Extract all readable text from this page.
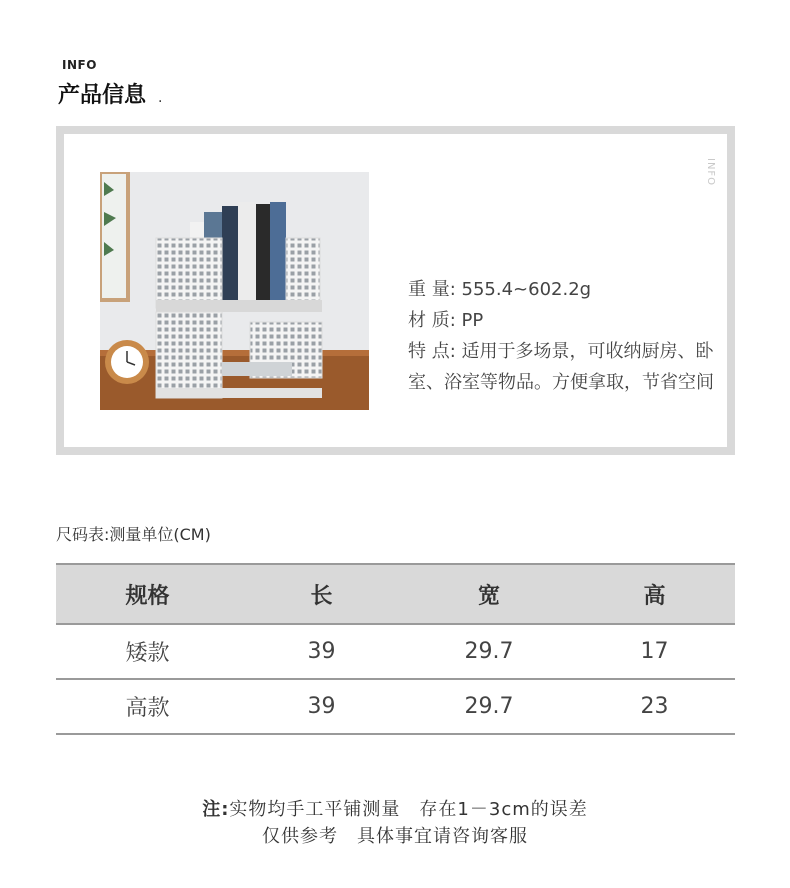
INFO
产品信息 .
INFO
重 量: 555.4~602.2g
材 质: PP
特 点: 适用于多场景，可收纳厨房、卧室、浴室等物品。方便拿取，节省空间
尺码表:测量单位(CM)
规格	长	宽	高
矮款	39	29.7	17
高款	39	29.7	23
注:实物均手工平铺测量　存在1－3cm的误差
仅供参考　具体事宜请咨询客服
